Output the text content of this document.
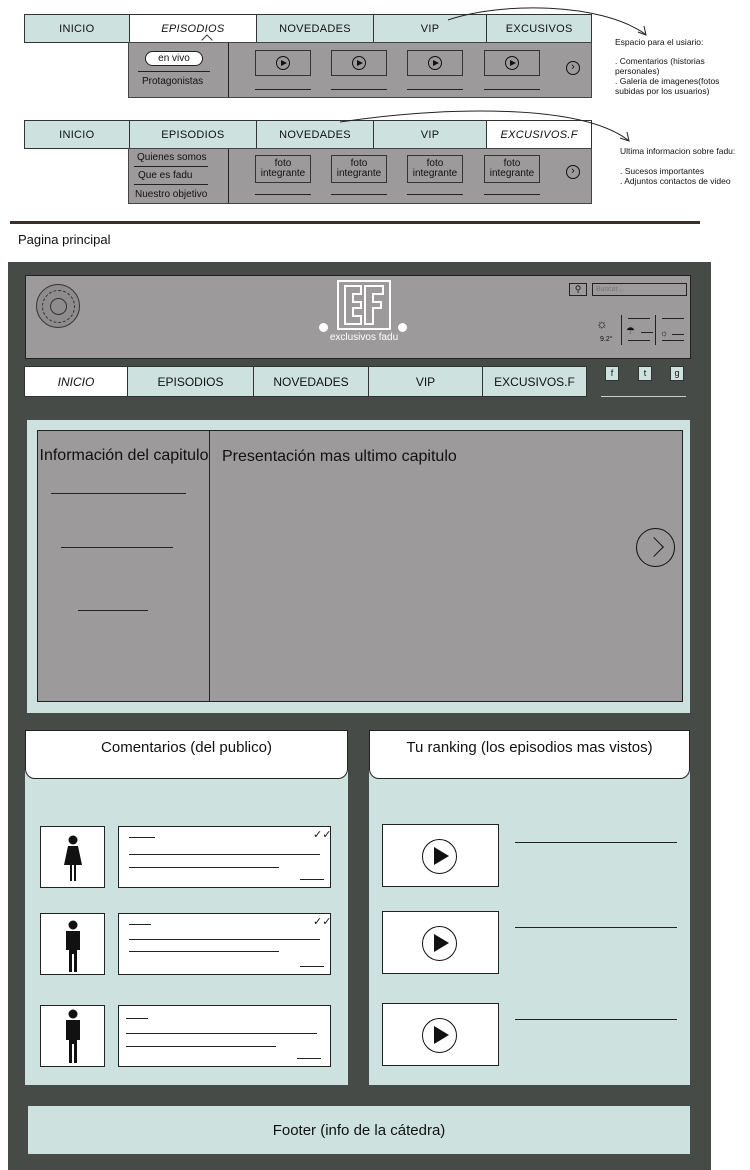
INICIO	EPISODIOS	NOVEDADES	VIP	EXCUSIVOS
en vivo
Protagonistas
›
Espacio para el usiario:
. Comentarios (historias personales)
. Galeria de imagenes(fotos subidas por los usuarios)
INICIO	EPISODIOS	NOVEDADES	VIP	EXCUSIVOS.F
Quienes somos
Que es fadu
Nuestro objetivo
foto integrante
foto integrante
foto integrante
foto integrante	›
Ultima informacion sobre fadu:
. Sucesos importantes
. Adjuntos contactos de video
Pagina principal
exclusivos fadu
⚲
Buscar...
☼
9.2°
☂	☼
INICIO	EPISODIOS	NOVEDADES	VIP	EXCUSIVOS.F
f	t	g
Información del capitulo Presentación mas ultimo capitulo
Comentarios (del publico)
✓✓
✓✓
Tu ranking (los episodios mas vistos)
Footer (info de la cátedra)
